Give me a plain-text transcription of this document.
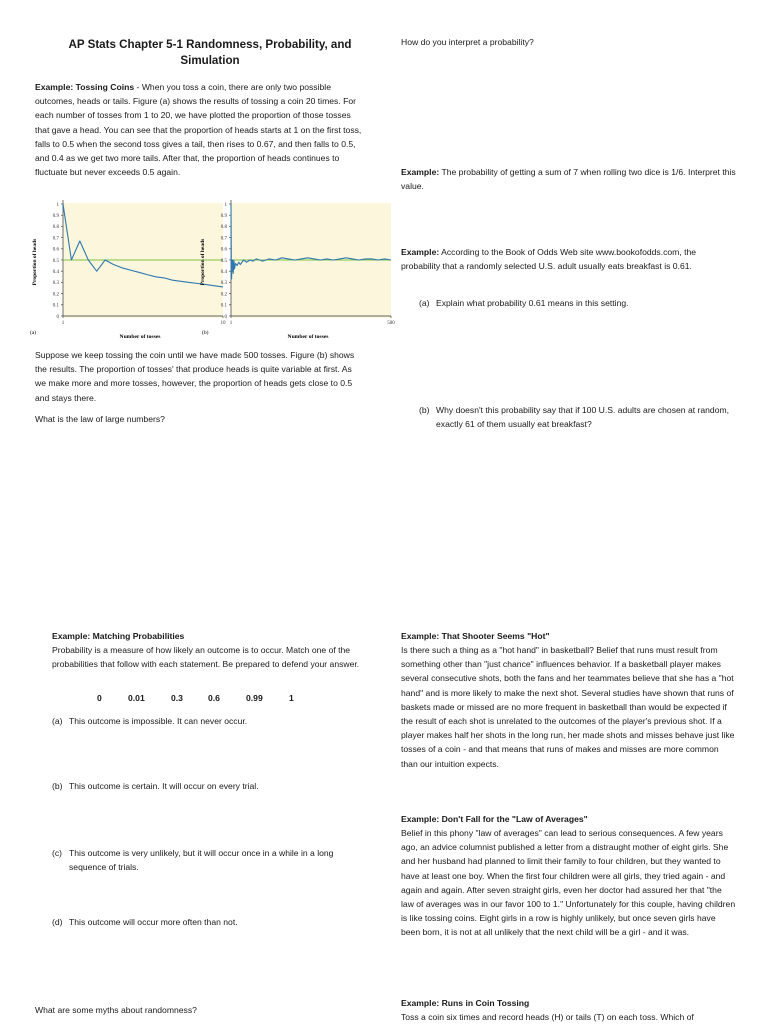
AP Stats Chapter 5-1 Randomness, Probability, and Simulation

Example: Tossing Coins - When you toss a coin, there are only two possible outcomes, heads or tails. Figure (a) shows the results of tossing a coin 20 times. For each number of tosses from 1 to 20, we have plotted the proportion of those tosses that gave a head. You can see that the proportion of heads starts at 1 on the first toss, falls to 0.5 when the second toss gives a tail, then rises to 0.67, and then falls to 0.5, and 0.4 as we get two more tails. After that, the proportion of heads continues to fluctuate but never exceeds 0.5 again.

Proportion of heads
Number of tosses
(a)
0
0.1
0.2
0.3
0.4
0.5
0.6
0.7
0.8
0.9
1
1	10
Proportion of heads
Number of tosses
(b)
0
0.1
0.2
0.3
0.4
0.5
0.6
0.7
0.8
0.9
1
1	500

Suppose we keep tossing the coin until we have madє 500 tosses. Figure (b) shows the results. The proportion of tosses' that produce heads is quite variable at first. As we make more and more tosses, however, the proportion of heads gets close to 0.5 and stays there.

What is the law of large numbers?

Example: Matching Probabilities

Probability is a measure of how likely an outcome is to occur. Match one of the probabilities that follow with each statement. Be prepared to defend your answer.

0	0.01	0.3	0.6	0.99	1
(a) This outcome is impossible. It can never occur.
(b) This outcome is certain. It will occur on every trial.
(c) This outcome is very unlikely, but it will occur once in a while in a long sequence of trials.
(d) This outcome will occur more often than not.

What are some myths about randomness?

How do you interpret a probability?

Example: The probability of getting a sum of 7 when rolling two dice is 1/6. Interpret this value.

Example: According to the Book of Odds Web site www.bookofodds.com, the probability that a randomly selected U.S. adult usually eats breakfast is 0.61.

(a) Explain what probability 0.61 means in this setting.
(b) Why doesn't this probability say that if 100 U.S. adults are chosen at random, exactly 61 of them usually eat breakfast?

Example: That Shooter Seems "Hot"

Is there such a thing as a "hot hand" in basketball? Belief that runs must result from something other than "just chance" influences behavior. If a basketball player makes several consecutive shots, both the fans and her teammates believe that she has a "hot hand" and is more likely to make the next shot. Several studies have shown that runs of baskets made or missed are no more frequent in basketball than would be expected if the result of each shot is unrelated to the outcomes of the player's previous shot. If a player makes half her shots in the long run, her made shots and misses behave just like tosses of a coin - and that means that runs of makes and misses are more common than our intuition expects.

Example: Don't Fall for the "Law of Averages"

Belief in this phony "law of averages" can lead to serious consequences. A few years ago, an advice columnist published a letter from a distraught mother of eight girls. She and her husband had planned to limit their family to four children, but they wanted to have at least one boy. When the first four children were all girls, they tried again - and again and again. After seven straight girls, even her doctor had assured her that "the law of averages was in our favor 100 to 1." Unfortunately for this couple, having children is like tossing coins. Eight girls in a row is highly unlikely, but once seven girls have been born, it is not at all unlikely that the next child will be a girl - and it was.

Example: Runs in Coin Tossing

Toss a coin six times and record heads (H) or tails (T) on each toss. Which of
